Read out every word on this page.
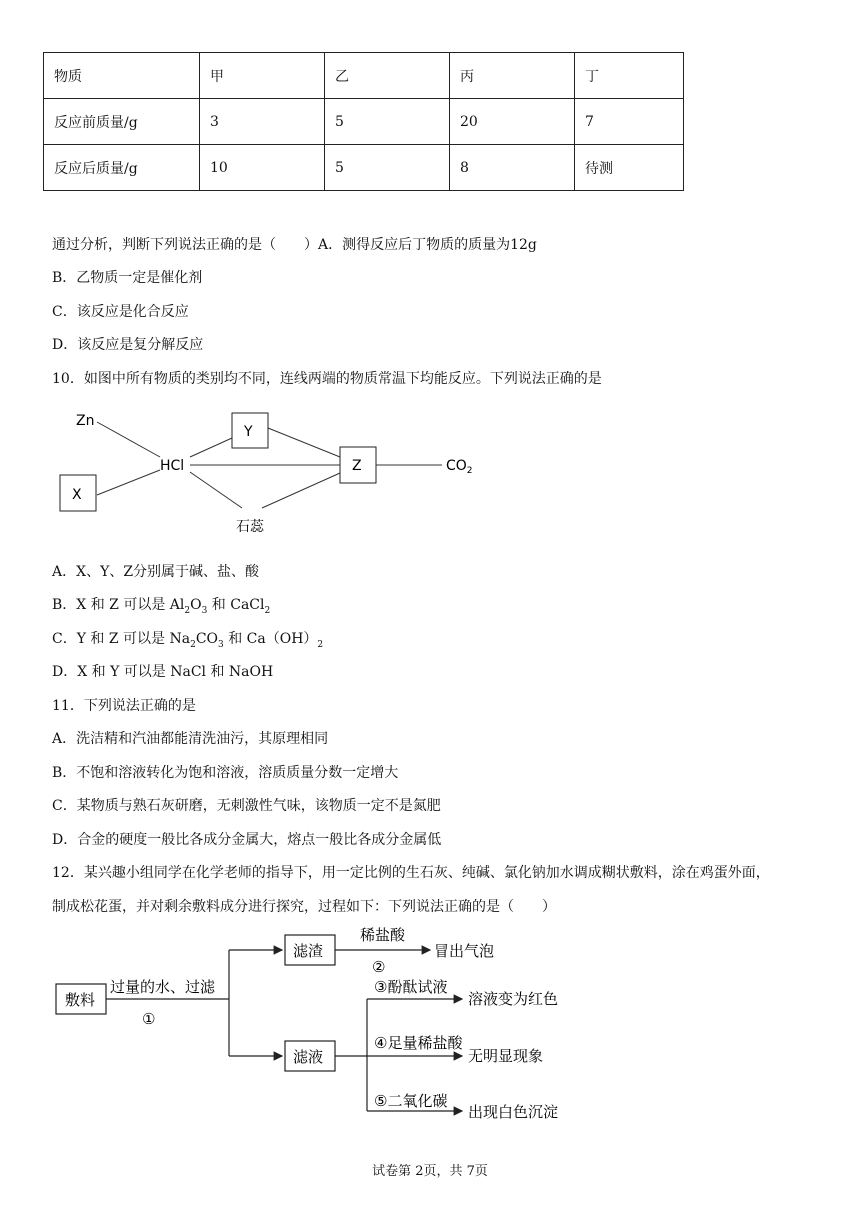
物质	甲	乙	丙	丁
反应前质量/g	3	5	20	7
反应后质量/g	10	5	8	待测
通过分析，判断下列说法正确的是（　　）A．测得反应后丁物质的质量为12g
B．乙物质一定是催化剂
C．该反应是化合反应
D．该反应是复分解反应
10．如图中所有物质的类别均不同，连线两端的物质常温下均能反应。下列说法正确的是
Zn
X
HCl
Y
Z	$CO_2$
石蕊
A．X、Y、Z分别属于碱、盐、酸
B．X 和 Z 可以是 $Al_2O_3$ 和 CaCl$_2$
C．Y 和 Z 可以是 $Na_2CO_3$ 和 $Ca(OH)_2$
D．X 和 Y 可以是 NaCl 和 NaOH
11．下列说法正确的是
A．洗洁精和汽油都能清洗油污，其原理相同
B．不饱和溶液转化为饱和溶液，溶质质量分数一定增大
C．某物质与熟石灰研磨，无刺激性气味，该物质一定不是氮肥
D．合金的硬度一般比各成分金属大，熔点一般比各成分金属低
12．某兴趣小组同学在化学老师的指导下，用一定比例的生石灰、纯碱、氯化钠加水调成糊状敷料，涂在鸡蛋外面，
制成松花蛋，并对剩余敷料成分进行探究，过程如下：下列说法正确的是（　　）
敷料
过量的水、过滤
①
滤渣
稀盐酸
②
冒出气泡
滤液
③酚酞试液
溶液变为红色
④足量稀盐酸
无明显现象
⑤二氧化碳
出现白色沉淀
试卷第 2页，共 7页
